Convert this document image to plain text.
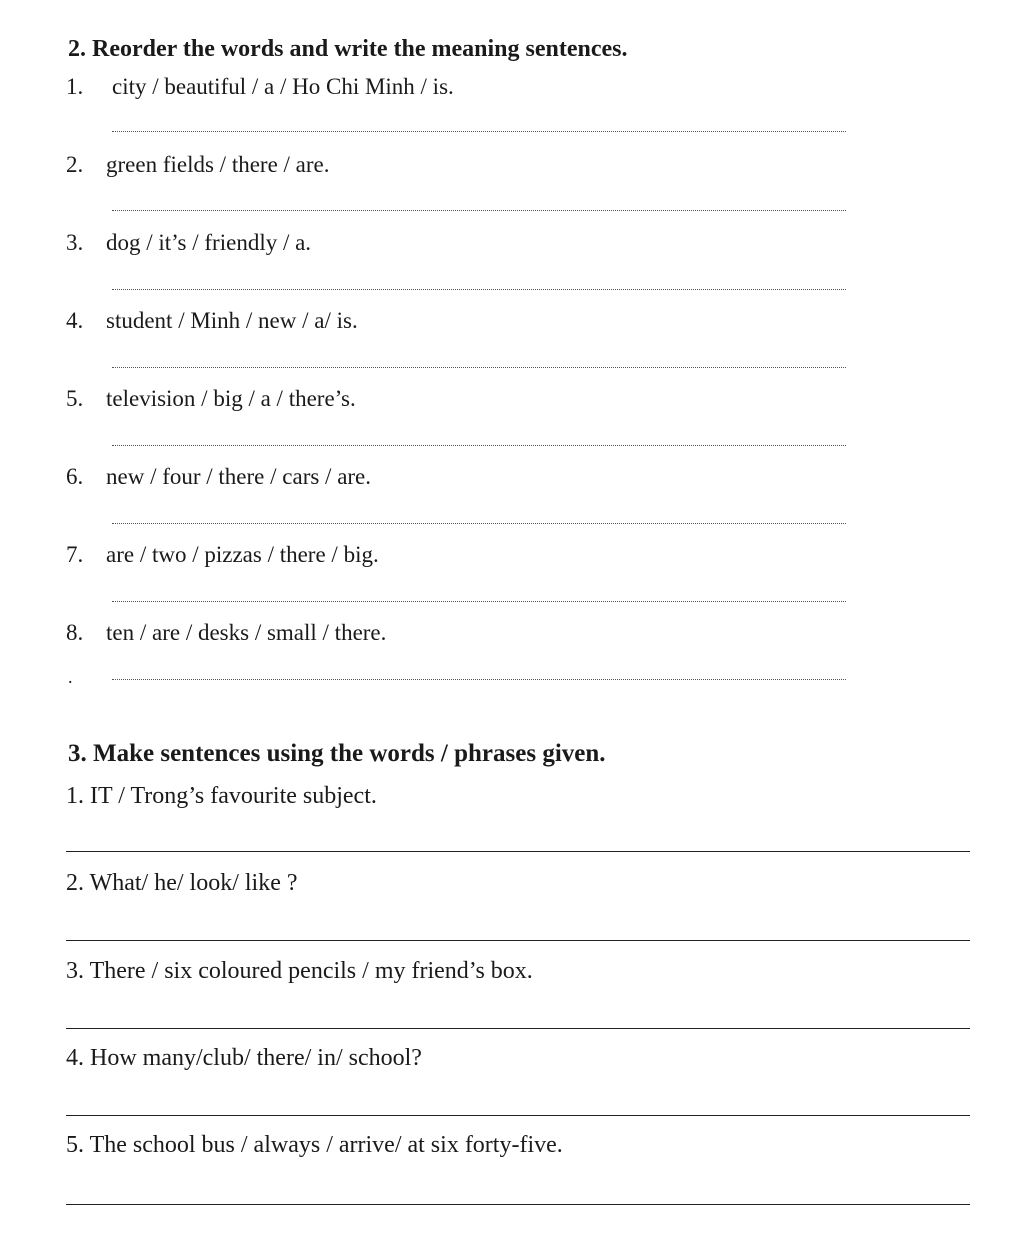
2. Reorder the words and write the meaning sentences.
1. city / beautiful / a / Ho Chi Minh / is.
2. green fields / there / are.
3. dog / it’s / friendly / a.
4. student / Minh / new / a/ is.
5. television / big / a / there’s.
6. new / four / there / cars / are.
7. are / two / pizzas / there / big.
8. ten / are / desks / small / there.
.
3. Make sentences using the words / phrases given.
1. IT / Trong’s favourite subject.
2. What/ he/ look/ like ?
3. There / six coloured pencils / my friend’s box.
4. How many/club/ there/ in/ school?
5. The school bus / always / arrive/ at six forty-five.
